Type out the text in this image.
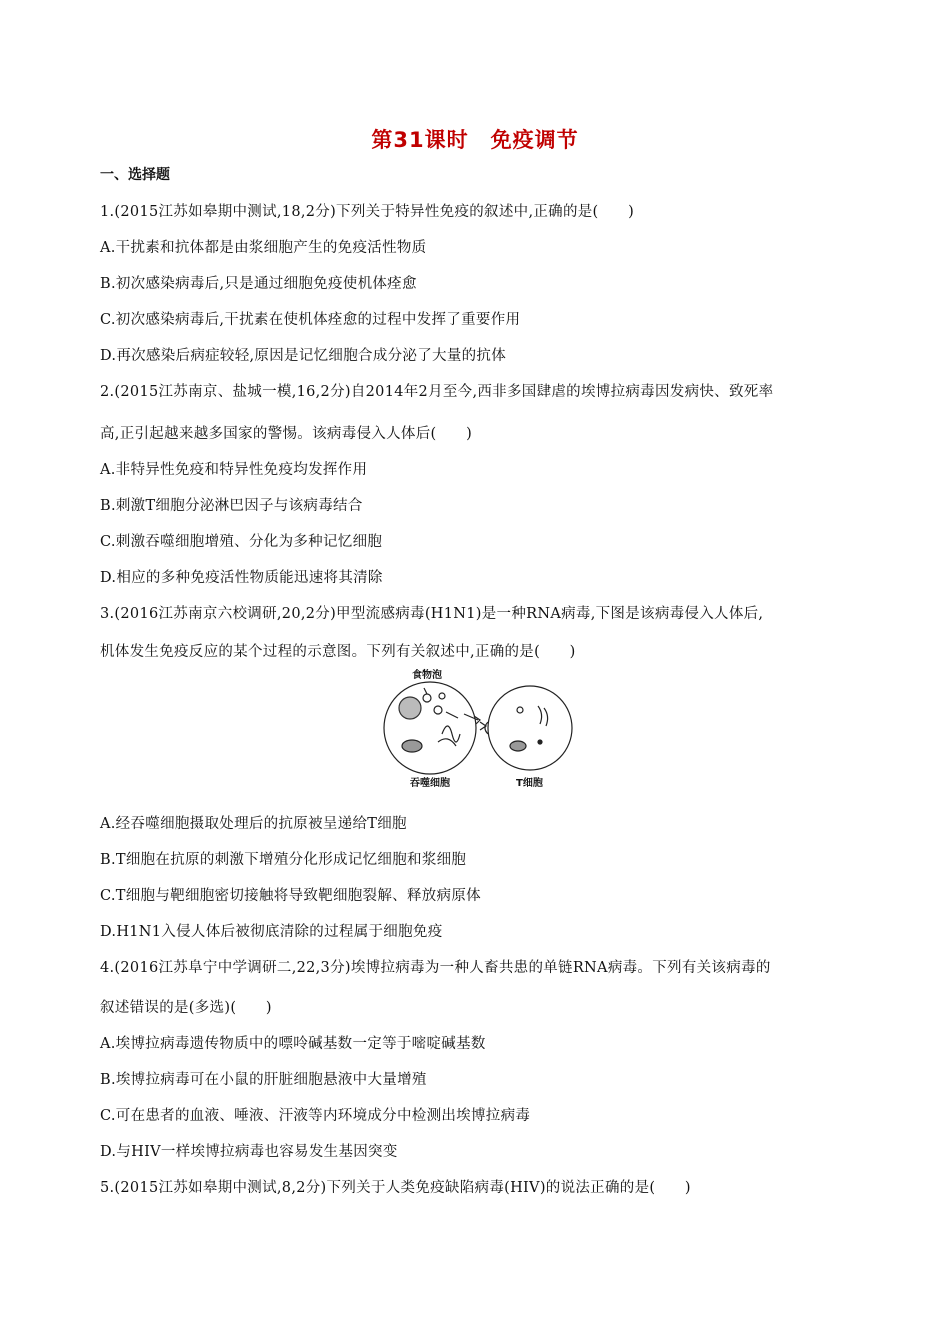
第31课时　免疫调节
一、选择题
1.(2015江苏如皋期中测试,18,2分)下列关于特异性免疫的叙述中,正确的是(　　)
A.干扰素和抗体都是由浆细胞产生的免疫活性物质
B.初次感染病毒后,只是通过细胞免疫使机体痊愈
C.初次感染病毒后,干扰素在使机体痊愈的过程中发挥了重要作用
D.再次感染后病症较轻,原因是记忆细胞合成分泌了大量的抗体
2.(2015江苏南京、盐城一模,16,2分)自2014年2月至今,西非多国肆虐的埃博拉病毒因发病快、致死率
高,正引起越来越多国家的警惕。该病毒侵入人体后(　　)
A.非特异性免疫和特异性免疫均发挥作用
B.刺激T细胞分泌淋巴因子与该病毒结合
C.刺激吞噬细胞增殖、分化为多种记忆细胞
D.相应的多种免疫活性物质能迅速将其清除
3.(2016江苏南京六校调研,20,2分)甲型流感病毒(H1N1)是一种RNA病毒,下图是该病毒侵入人体后,
机体发生免疫反应的某个过程的示意图。下列有关叙述中,正确的是(　　)
食物泡
吞噬细胞	T细胞
A.经吞噬细胞摄取处理后的抗原被呈递给T细胞
B.T细胞在抗原的刺激下增殖分化形成记忆细胞和浆细胞
C.T细胞与靶细胞密切接触将导致靶细胞裂解、释放病原体
D.H1N1入侵人体后被彻底清除的过程属于细胞免疫
4.(2016江苏阜宁中学调研二,22,3分)埃博拉病毒为一种人畜共患的单链RNA病毒。下列有关该病毒的
叙述错误的是(多选)(　　)
A.埃博拉病毒遗传物质中的嘌呤碱基数一定等于嘧啶碱基数
B.埃博拉病毒可在小鼠的肝脏细胞悬液中大量增殖
C.可在患者的血液、唾液、汗液等内环境成分中检测出埃博拉病毒
D.与HIV一样埃博拉病毒也容易发生基因突变
5.(2015江苏如皋期中测试,8,2分)下列关于人类免疫缺陷病毒(HIV)的说法正确的是(　　)
